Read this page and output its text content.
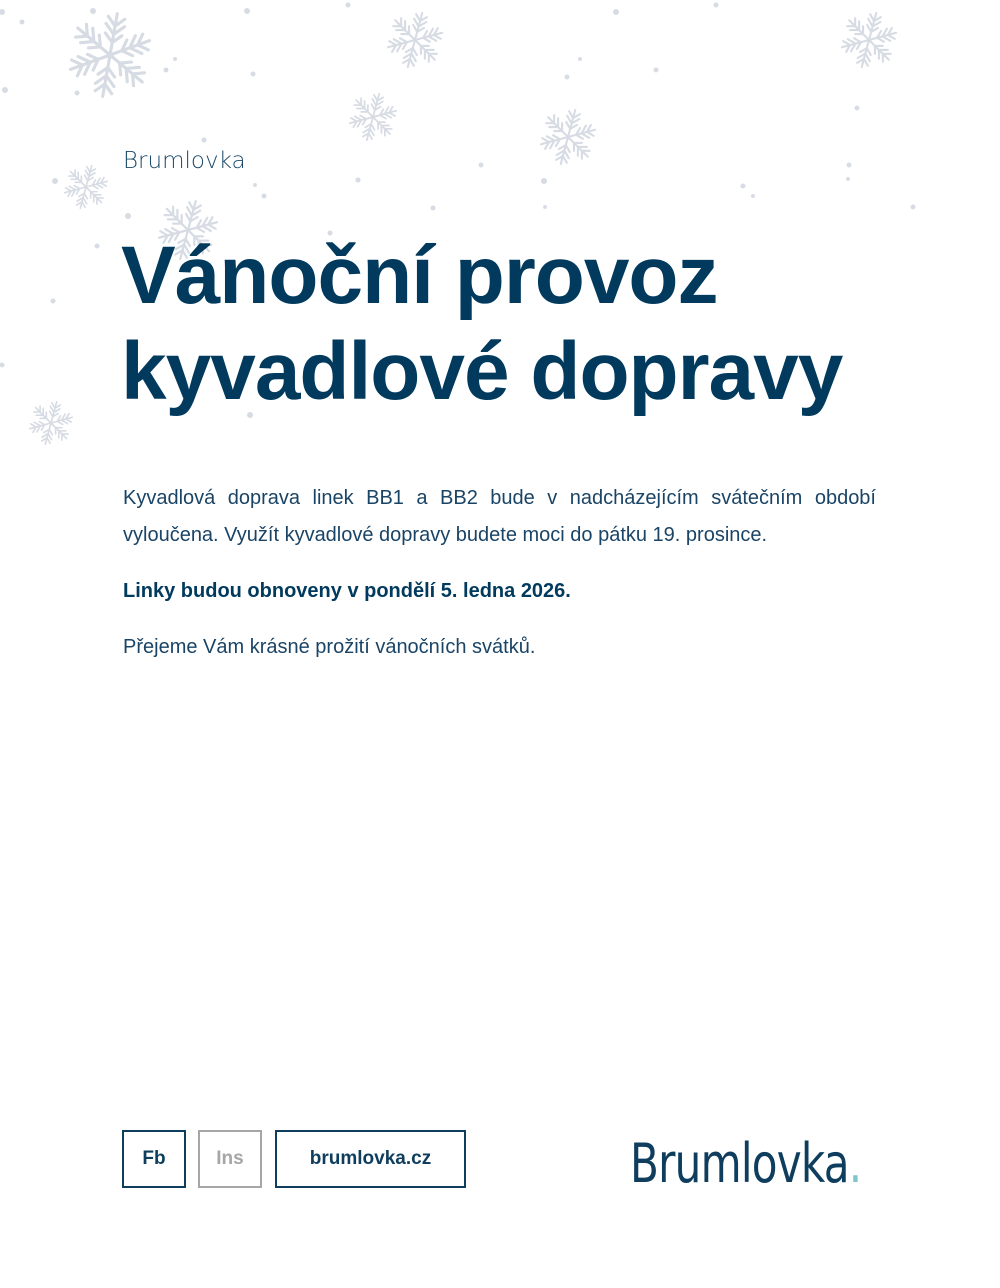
Brumlovka
Vánoční provoz
kyvadlové dopravy

Kyvadlová doprava linek BB1 a BB2 bude v nadcházejícím svátečním období vyloučena. Využít kyvadlové dopravy budete moci do pátku 19. prosince.

Linky budou obnoveny v pondělí 5. ledna 2026.

Přejeme Vám krásné prožití vánočních svátků.

Fb	Ins	brumlovka.cz	Brumlovka.
